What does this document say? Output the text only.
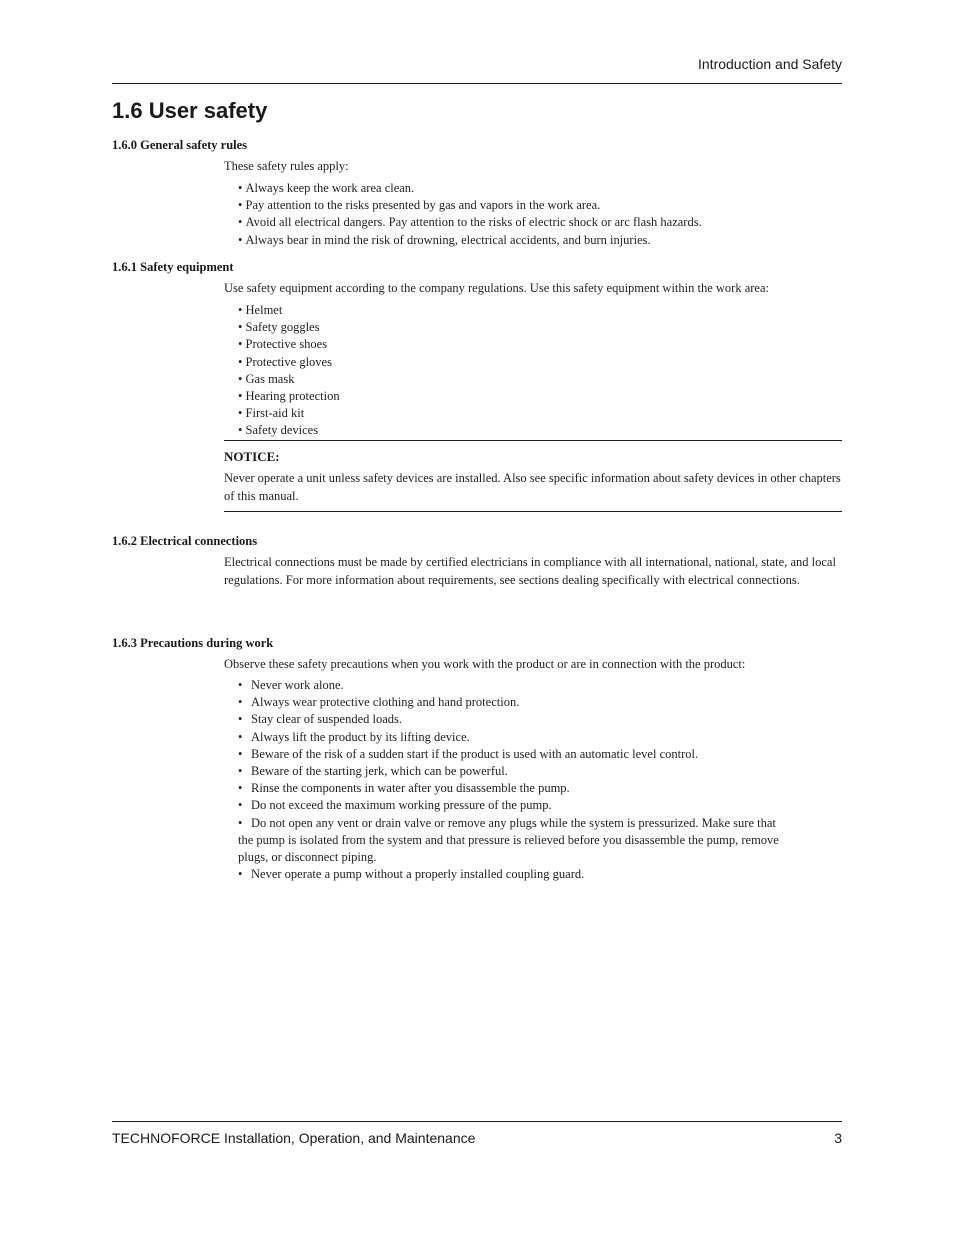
Introduction and Safety
1.6 User safety
1.6.0 General safety rules

These safety rules apply:

• Always keep the work area clean.
• Pay attention to the risks presented by gas and vapors in the work area.
• Avoid all electrical dangers. Pay attention to the risks of electric shock or arc flash hazards.
• Always bear in mind the risk of drowning, electrical accidents, and burn injuries.
1.6.1 Safety equipment

Use safety equipment according to the company regulations. Use this safety equipment within the work area:

• Helmet
• Safety goggles
• Protective shoes
• Protective gloves
• Gas mask
• Hearing protection
• First-aid kit
• Safety devices

NOTICE:

Never operate a unit unless safety devices are installed. Also see specific information about safety devices in other chapters of this manual.

1.6.2 Electrical connections

Electrical connections must be made by certified electricians in compliance with all international, national, state, and local regulations. For more information about requirements, see sections dealing specifically with electrical connections.

1.6.3 Precautions during work

Observe these safety precautions when you work with the product or are in connection with the product:

• Never work alone.
• Always wear protective clothing and hand protection.
• Stay clear of suspended loads.
• Always lift the product by its lifting device.
• Beware of the risk of a sudden start if the product is used with an automatic level control.
• Beware of the starting jerk, which can be powerful.
• Rinse the components in water after you disassemble the pump.
• Do not exceed the maximum working pressure of the pump.
• Do not open any vent or drain valve or remove any plugs while the system is pressurized. Make sure that the pump is isolated from the system and that pressure is relieved before you disassemble the pump, remove plugs, or disconnect piping.
• Never operate a pump without a properly installed coupling guard.
TECHNOFORCE Installation, Operation, and Maintenance	3
